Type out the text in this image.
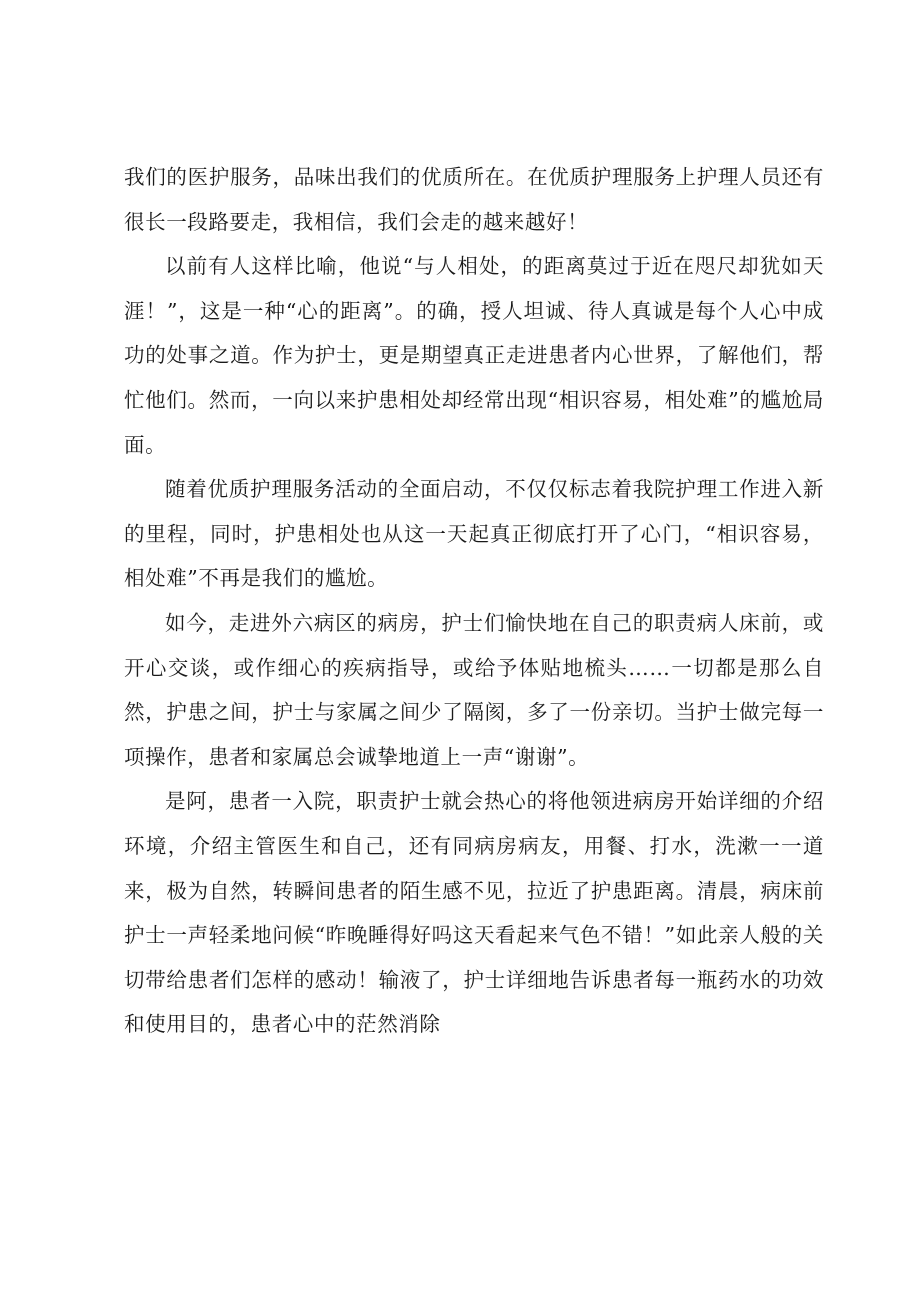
我们的医护服务，品味出我们的优质所在。在优质护理服务上护理人员还有很长一段路要走，我相信，我们会走的越来越好！

以前有人这样比喻，他说“与人相处，的距离莫过于近在咫尺却犹如天涯！”，这是一种“心的距离”。的确，授人坦诚、待人真诚是每个人心中成功的处事之道。作为护士，更是期望真正走进患者内心世界，了解他们，帮忙他们。然而，一向以来护患相处却经常出现“相识容易，相处难”的尴尬局面。

随着优质护理服务活动的全面启动，不仅仅标志着我院护理工作进入新的里程，同时，护患相处也从这一天起真正彻底打开了心门，“相识容易，相处难”不再是我们的尴尬。

如今，走进外六病区的病房，护士们愉快地在自己的职责病人床前，或开心交谈，或作细心的疾病指导，或给予体贴地梳头……一切都是那么自然，护患之间，护士与家属之间少了隔阂，多了一份亲切。当护士做完每一项操作，患者和家属总会诚挚地道上一声“谢谢”。

是阿，患者一入院，职责护士就会热心的将他领进病房开始详细的介绍环境，介绍主管医生和自己，还有同病房病友，用餐、打水，洗漱一一道来，极为自然，转瞬间患者的陌生感不见，拉近了护患距离。清晨，病床前护士一声轻柔地问候“昨晚睡得好吗这天看起来气色不错！”如此亲人般的关切带给患者们怎样的感动！输液了，护士详细地告诉患者每一瓶药水的功效和使用目的，患者心中的茫然消除
